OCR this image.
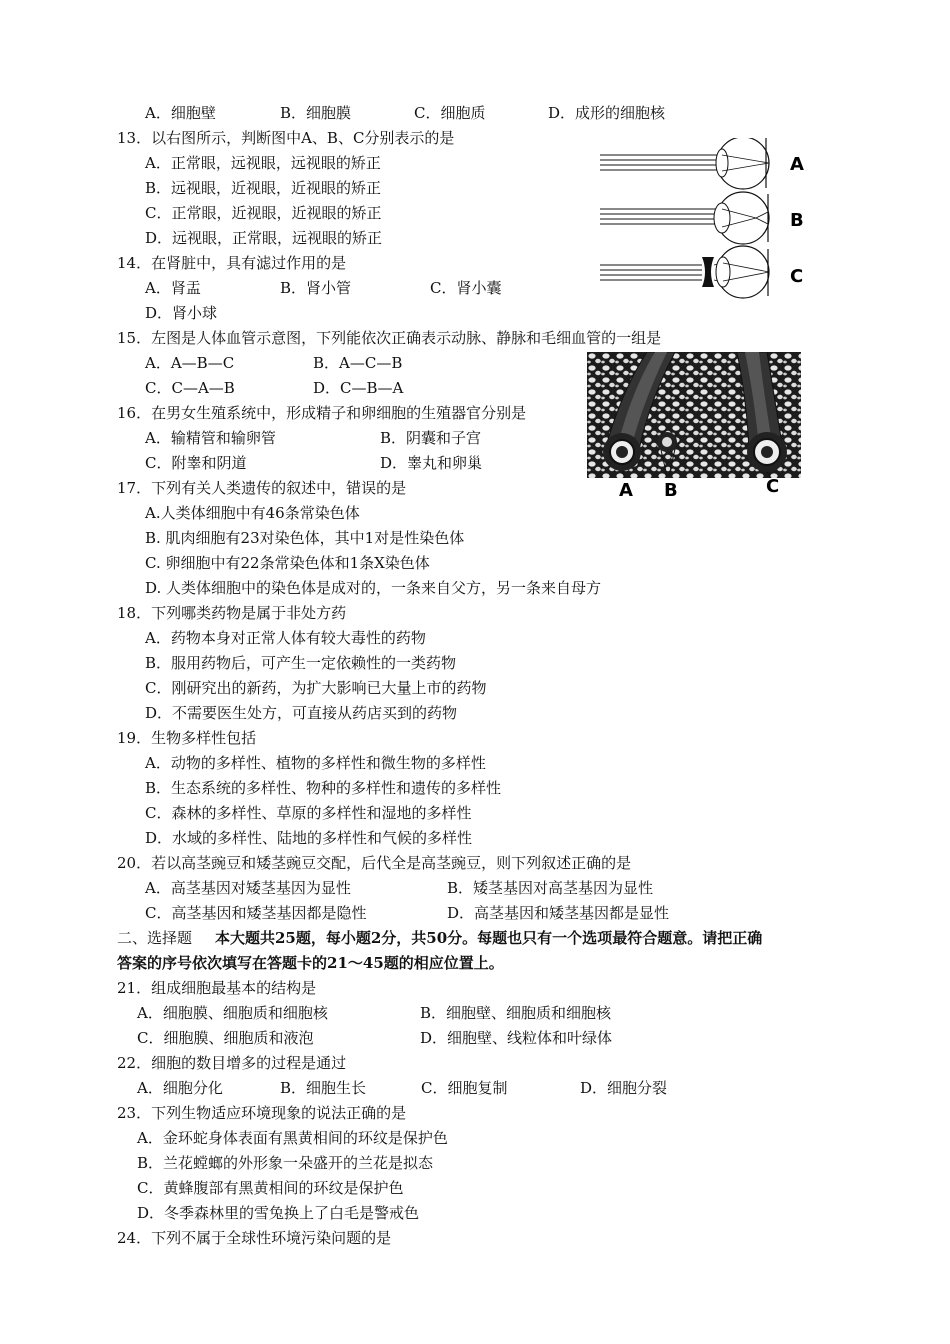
A．细胞壁	B．细胞膜	C．细胞质	D．成形的细胞核
13．以右图所示，判断图中A、B、C分别表示的是
A．正常眼，远视眼，远视眼的矫正
B．远视眼，近视眼，近视眼的矫正
C．正常眼，近视眼，近视眼的矫正
D．远视眼，正常眼，远视眼的矫正
A
B
C
14．在肾脏中，具有滤过作用的是
A．肾盂	B．肾小管	C．肾小囊
D．肾小球
15．左图是人体血管示意图，下列能依次正确表示动脉、静脉和毛细血管的一组是
A．A—B—C	B．A—C—B
C．C—A—B	D．C—B—A
A B	C
16．在男女生殖系统中，形成精子和卵细胞的生殖器官分别是
A．输精管和输卵管	B．阴囊和子宫
C．附睾和阴道	D．睾丸和卵巢
17．下列有关人类遗传的叙述中，错误的是
A.人类体细胞中有46条常染色体
B. 肌肉细胞有23对染色体，其中1对是性染色体
C. 卵细胞中有22条常染色体和1条X染色体
D. 人类体细胞中的染色体是成对的，一条来自父方，另一条来自母方
18．下列哪类药物是属于非处方药
A．药物本身对正常人体有较大毒性的药物
B．服用药物后，可产生一定依赖性的一类药物
C．刚研究出的新药，为扩大影响已大量上市的药物
D．不需要医生处方，可直接从药店买到的药物
19．生物多样性包括
A．动物的多样性、植物的多样性和微生物的多样性
B．生态系统的多样性、物种的多样性和遗传的多样性
C．森林的多样性、草原的多样性和湿地的多样性
D．水域的多样性、陆地的多样性和气候的多样性
20．若以高茎豌豆和矮茎豌豆交配，后代全是高茎豌豆，则下列叙述正确的是
A．高茎基因对矮茎基因为显性	B．矮茎基因对高茎基因为显性
C．高茎基因和矮茎基因都是隐性	D．高茎基因和矮茎基因都是显性
二、选择题 本大题共25题，每小题2分，共50分。每题也只有一个选项最符合题意。请把正确
答案的序号依次填写在答题卡的21～45题的相应位置上。
21．组成细胞最基本的结构是
A．细胞膜、细胞质和细胞核	B．细胞壁、细胞质和细胞核
C．细胞膜、细胞质和液泡	D．细胞壁、线粒体和叶绿体
22．细胞的数目增多的过程是通过
A．细胞分化	B．细胞生长	C．细胞复制	D．细胞分裂
23．下列生物适应环境现象的说法正确的是
A．金环蛇身体表面有黑黄相间的环纹是保护色
B．兰花螳螂的外形象一朵盛开的兰花是拟态
C．黄蜂腹部有黑黄相间的环纹是保护色
D．冬季森林里的雪兔换上了白毛是警戒色
24．下列不属于全球性环境污染问题的是
